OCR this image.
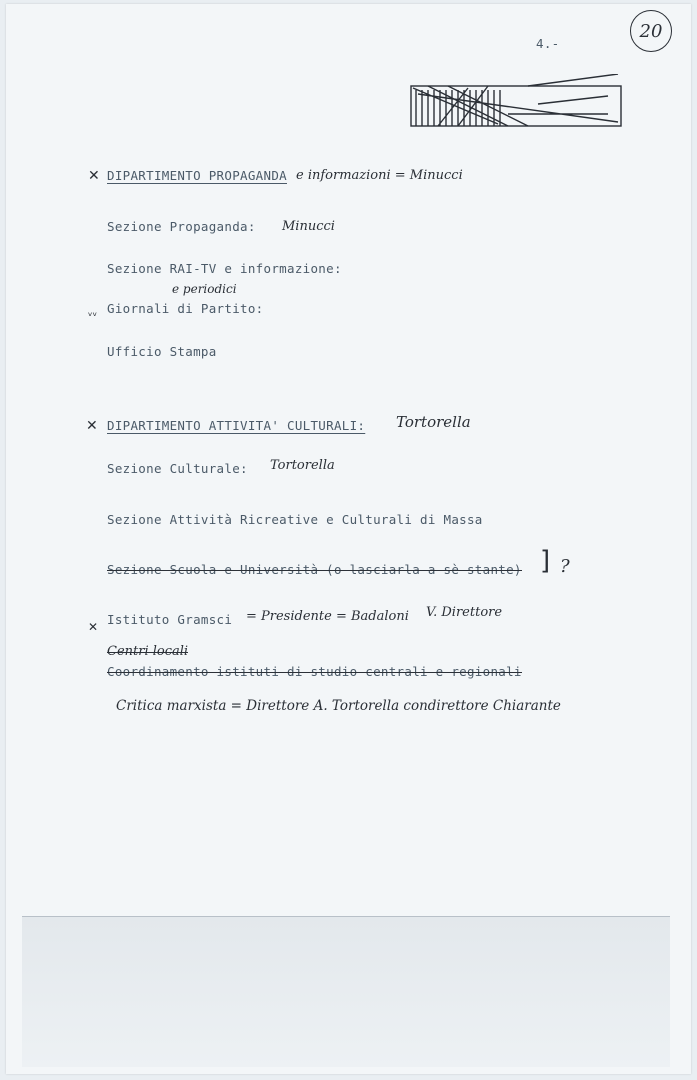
20
4.-
✕ DIPARTIMENTO PROPAGANDA e informazioni = Minucci
Sezione Propaganda: Minucci
Sezione RAI-TV e informazione:
e periodici
ᵥᵥ Giornali di Partito:
Ufficio Stampa
✕ DIPARTIMENTO ATTIVITA' CULTURALI: Tortorella
Sezione Culturale: Tortorella
Sezione Attività Ricreative e Culturali di Massa
Sezione Scuola e Università (o lasciarla a sè stante) ] ?
✕ Istituto Gramsci = Presidente = Badaloni V. Direttore
Centri locali
Coordinamento istituti di studio centrali e regionali
Critica marxista = Direttore A. Tortorella condirettore Chiarante
